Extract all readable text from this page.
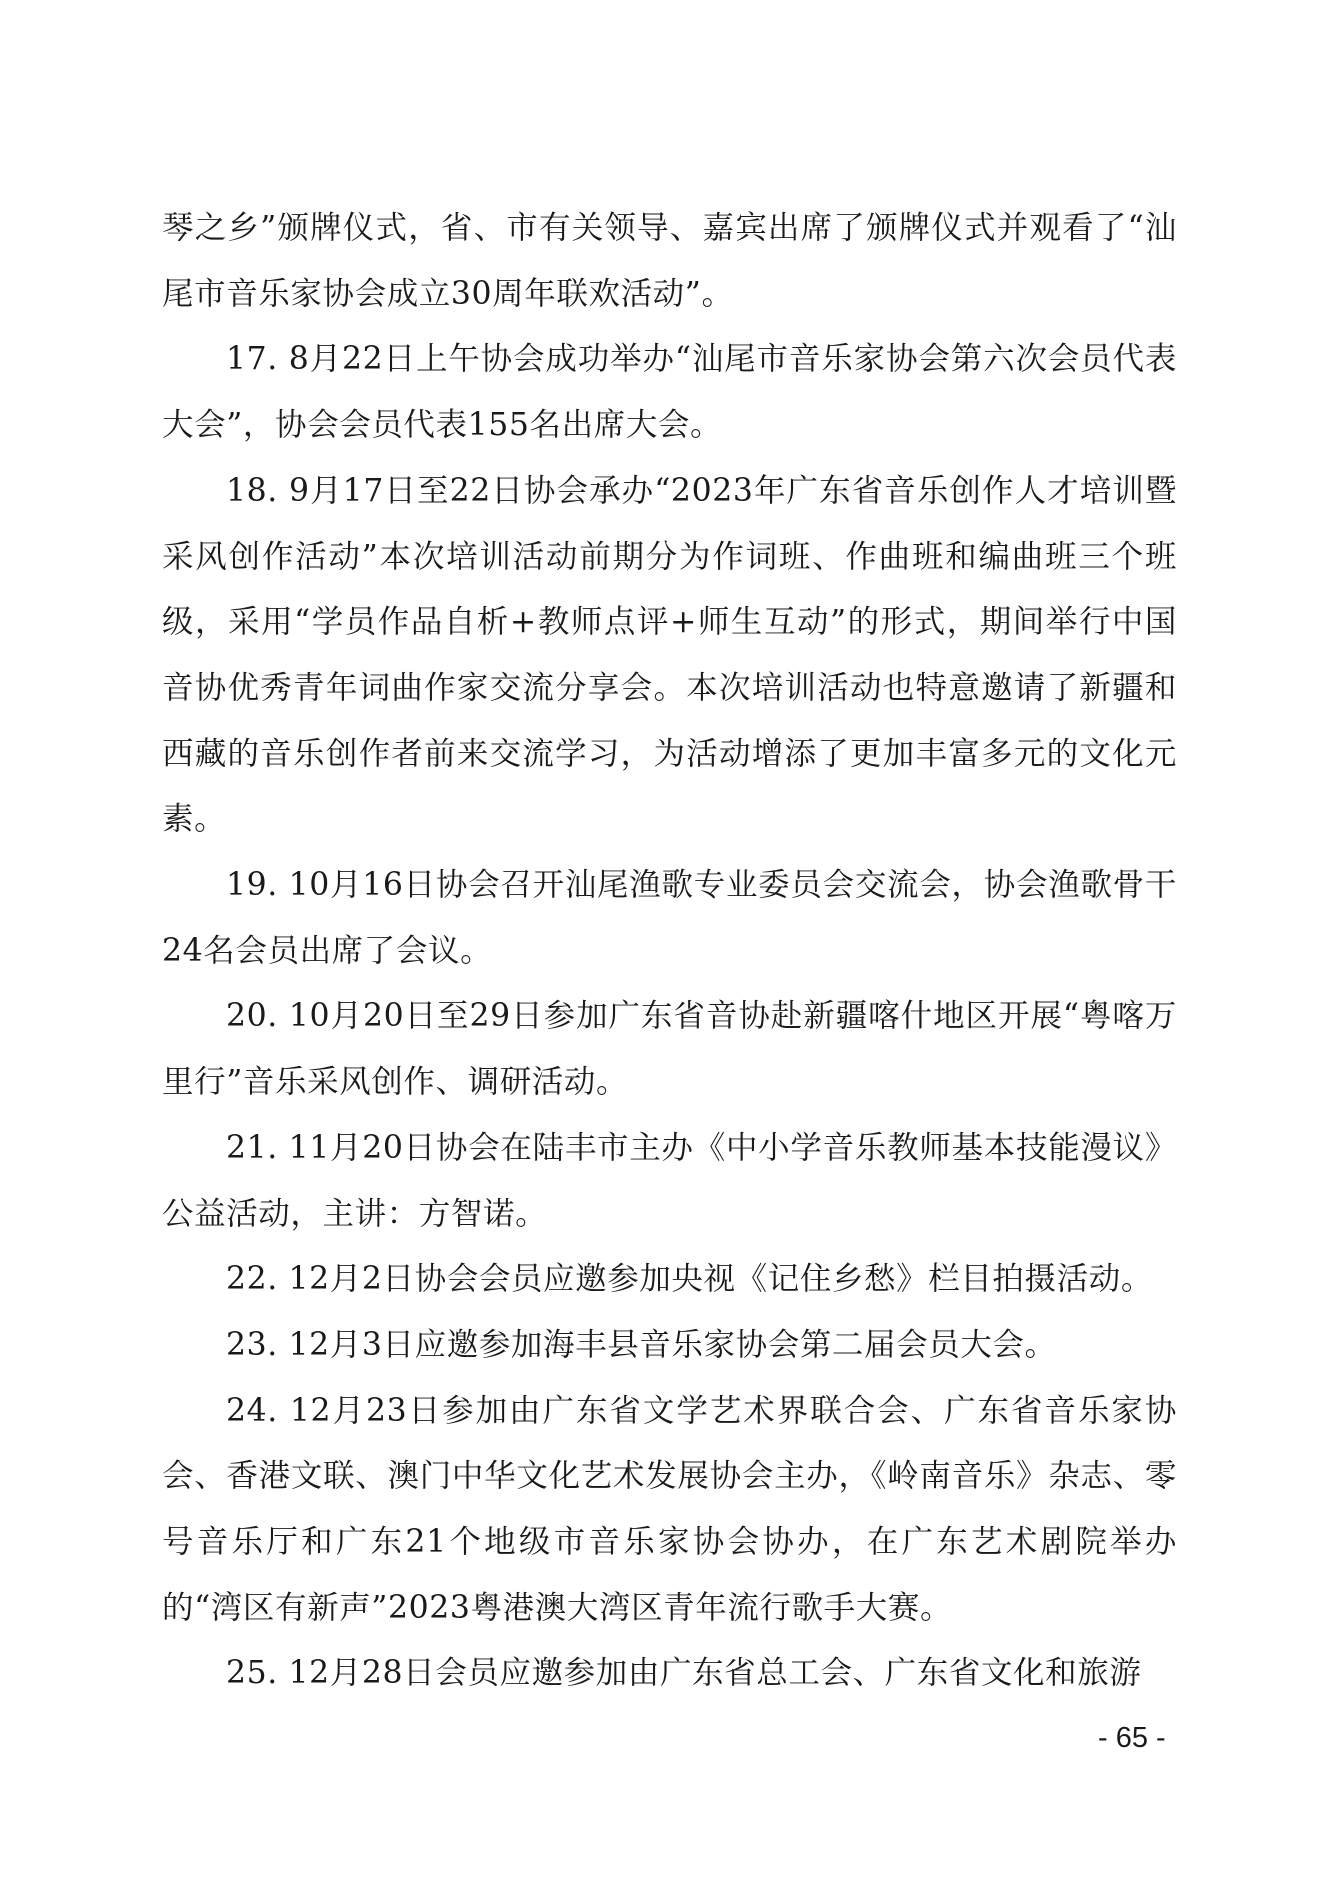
琴之乡”颁牌仪式，省、市有关领导、嘉宾出席了颁牌仪式并观看了“汕尾市音乐家协会成立30周年联欢活动”。

17. 8月22日上午协会成功举办“汕尾市音乐家协会第六次会员代表大会”，协会会员代表155名出席大会。

18. 9月17日至22日协会承办“2023年广东省音乐创作人才培训暨采风创作活动”本次培训活动前期分为作词班、作曲班和编曲班三个班级，采用“学员作品自析+教师点评+师生互动”的形式，期间举行中国音协优秀青年词曲作家交流分享会。本次培训活动也特意邀请了新疆和西藏的音乐创作者前来交流学习，为活动增添了更加丰富多元的文化元素。

19. 10月16日协会召开汕尾渔歌专业委员会交流会，协会渔歌骨干24名会员出席了会议。

20. 10月20日至29日参加广东省音协赴新疆喀什地区开展“粤喀万里行”音乐采风创作、调研活动。

21. 11月20日协会在陆丰市主办《中小学音乐教师基本技能漫议》公益活动，主讲：方智诺。

22. 12月2日协会会员应邀参加央视《记住乡愁》栏目拍摄活动。

23. 12月3日应邀参加海丰县音乐家协会第二届会员大会。

24. 12月23日参加由广东省文学艺术界联合会、广东省音乐家协会、香港文联、澳门中华文化艺术发展协会主办，《岭南音乐》杂志、零号音乐厅和广东21个地级市音乐家协会协办，在广东艺术剧院举办的“湾区有新声”2023粤港澳大湾区青年流行歌手大赛。

25. 12月28日会员应邀参加由广东省总工会、广东省文化和旅游

- 65 -
